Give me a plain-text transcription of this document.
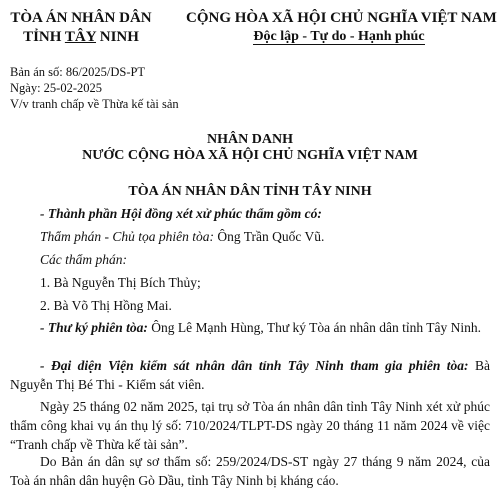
TÒA ÁN NHÂN DÂN
TỈNH TÂY NINH
CỘNG HÒA XÃ HỘI CHỦ NGHĨA VIỆT NAM
Độc lập - Tự do - Hạnh phúc
Bản án số: 86/2025/DS-PT
Ngày: 25-02-2025
V/v tranh chấp về Thừa kế tài sản
NHÂN DANH
NƯỚC CỘNG HÒA XÃ HỘI CHỦ NGHĨA VIỆT NAM
TÒA ÁN NHÂN DÂN TỈNH TÂY NINH
- Thành phần Hội đồng xét xử phúc thẩm gồm có:
Thẩm phán - Chủ tọa phiên tòa: Ông Trần Quốc Vũ.
Các thẩm phán:
1. Bà Nguyễn Thị Bích Thủy;
2. Bà Võ Thị Hồng Mai.
- Thư ký phiên tòa: Ông Lê Mạnh Hùng, Thư ký Tòa án nhân dân tỉnh Tây Ninh.
- Đại diện Viện kiểm sát nhân dân tỉnh Tây Ninh tham gia phiên tòa: Bà Nguyễn Thị Bé Thi - Kiểm sát viên.
Ngày 25 tháng 02 năm 2025, tại trụ sở Tòa án nhân dân tỉnh Tây Ninh xét xử phúc thẩm công khai vụ án thụ lý số: 710/2024/TLPT-DS ngày 20 tháng 11 năm 2024 về việc “Tranh chấp về Thừa kế tài sản”.
Do Bản án dân sự sơ thẩm số: 259/2024/DS-ST ngày 27 tháng 9 năm 2024, của Toà án nhân dân huyện Gò Dầu, tỉnh Tây Ninh bị kháng cáo.
